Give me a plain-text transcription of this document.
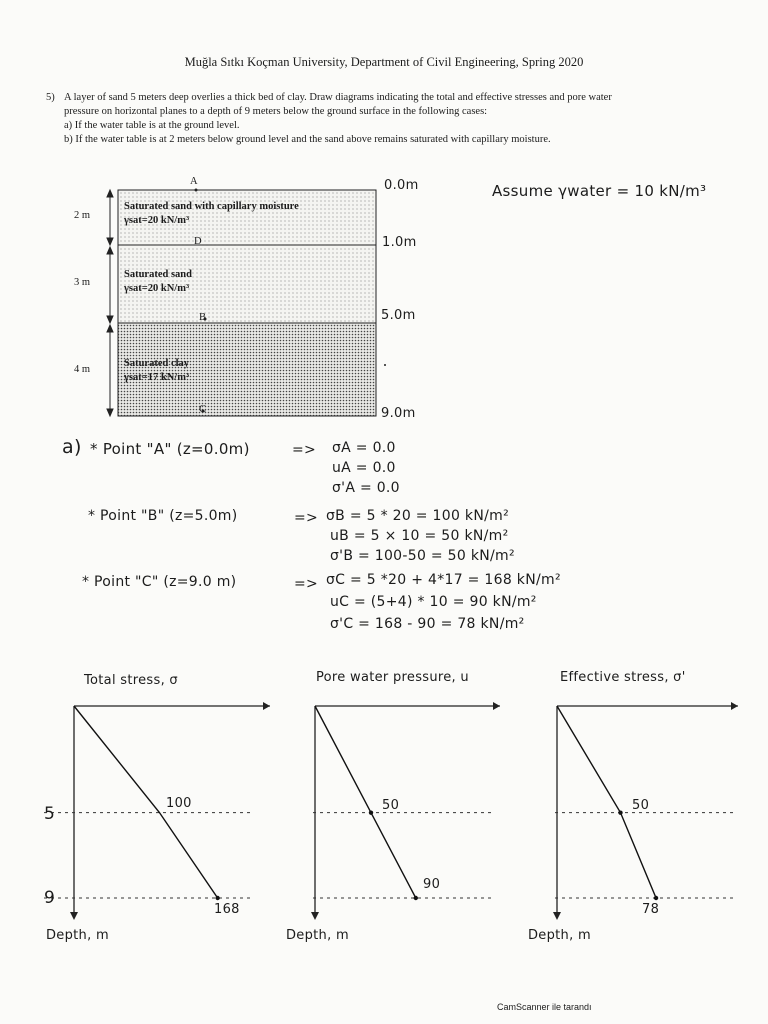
Muğla Sıtkı Koçman University, Department of Civil Engineering, Spring 2020
5) A layer of sand 5 meters deep overlies a thick bed of clay. Draw diagrams indicating the total and effective stresses and pore water
pressure on horizontal planes to a depth of 9 meters below the ground surface in the following cases:
a) If the water table is at the ground level.
b) If the water table is at 2 meters below ground level and the sand above remains saturated with capillary moisture.
Saturated sand with capillary moisture
γsat=20 kN/m³
Saturated sand
γsat=20 kN/m³
Saturated clay
γsat=17 kN/m³
2 m
3 m
4 m
A
D
B
C
0.0m
1.0m
5.0m
9.0m
Assume γwater = 10 kN/m³
a) * Point "A" (z=0.0m)	=> σA = 0.0
uA = 0.0
σ'A = 0.0
* Point "B" (z=5.0m)	=> σB = 5 * 20 = 100 kN/m²
uB = 5 × 10 = 50 kN/m²
σ'B = 100-50 = 50 kN/m²
* Point "C" (z=9.0 m)	=> σC = 5 *20 + 4*17 = 168 kN/m²
uC = (5+4) * 10 = 90 kN/m²
σ'C = 168 - 90 = 78 kN/m²
Total stress, σ	Pore water pressure, u	Effective stress, σ'
5
9
100
168
50
90
50
78
Depth, m	Depth, m	Depth, m
CamScanner ile tarandı
